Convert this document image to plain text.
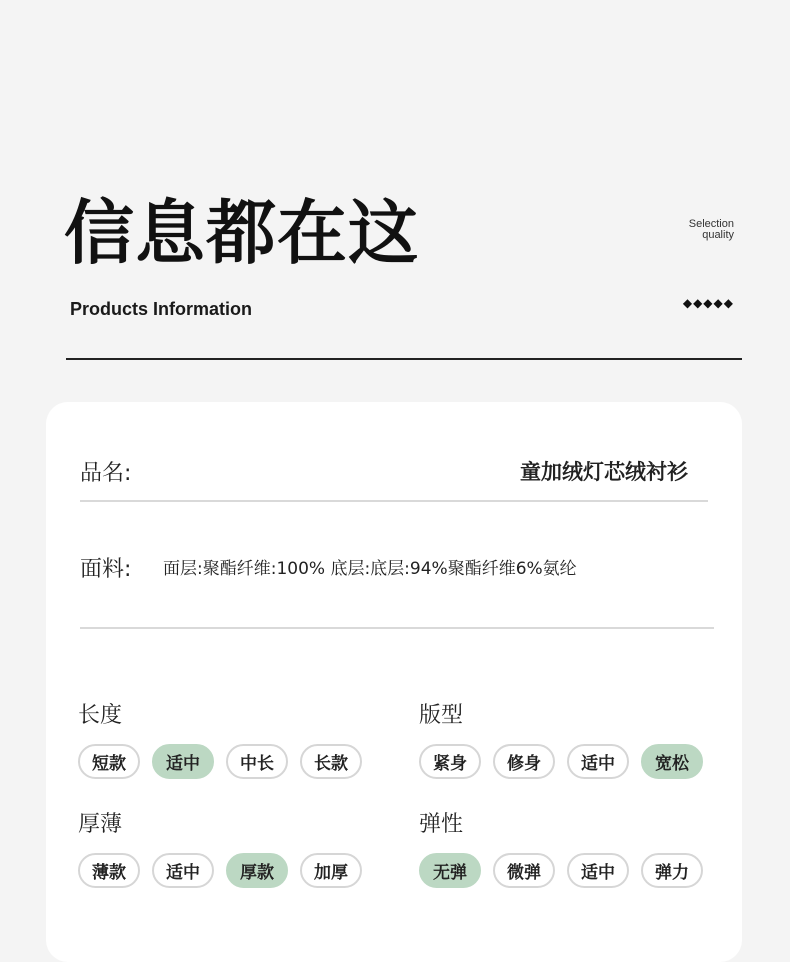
信息都在这	Selection
quality
Products Information	◆◆◆◆◆
品名:	童加绒灯芯绒衬衫
面料: 面层:聚酯纤维:100% 底层:底层:94%聚酯纤维6%氨纶
长度
短款	适中	中长	长款
版型
紧身	修身	适中	宽松
厚薄
薄款	适中	厚款	加厚
弹性
无弹	微弹	适中	弹力
